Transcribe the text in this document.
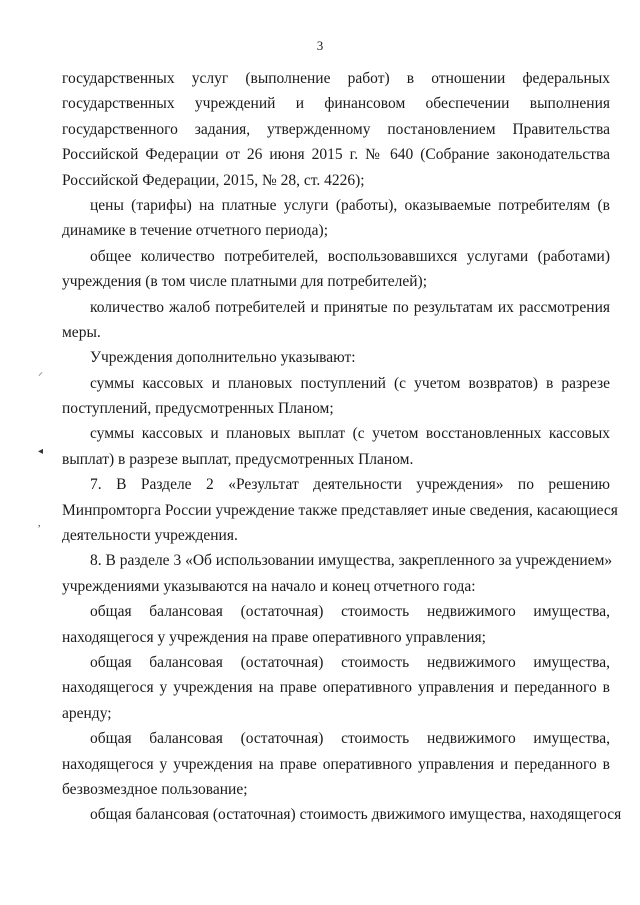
3
государственных услуг (выполнение работ) в отношении федеральных
государственных учреждений и финансовом обеспечении выполнения
государственного задания, утвержденному постановлением Правительства
Российской Федерации от 26 июня 2015 г. № 640 (Собрание законодательства
Российской Федерации, 2015, № 28, ст. 4226);
цены (тарифы) на платные услуги (работы), оказываемые потребителям (в
динамике в течение отчетного периода);
общее количество потребителей, воспользовавшихся услугами (работами)
учреждения (в том числе платными для потребителей);
количество жалоб потребителей и принятые по результатам их рассмотрения
меры.
Учреждения дополнительно указывают:
суммы кассовых и плановых поступлений (с учетом возвратов) в разрезе
поступлений, предусмотренных Планом;
суммы кассовых и плановых выплат (с учетом восстановленных кассовых
выплат) в разрезе выплат, предусмотренных Планом.
7. В Разделе 2 «Результат деятельности учреждения» по решению
Минпромторга России учреждение также представляет иные сведения, касающиеся
деятельности учреждения.
8. В разделе 3 «Об использовании имущества, закрепленного за учреждением»
учреждениями указываются на начало и конец отчетного года:
общая балансовая (остаточная) стоимость недвижимого имущества,
находящегося у учреждения на праве оперативного управления;
общая балансовая (остаточная) стоимость недвижимого имущества,
находящегося у учреждения на праве оперативного управления и переданного в
аренду;
общая балансовая (остаточная) стоимость недвижимого имущества,
находящегося у учреждения на праве оперативного управления и переданного в
безвозмездное пользование;
общая балансовая (остаточная) стоимость движимого имущества, находящегося
⸝
◂
,
